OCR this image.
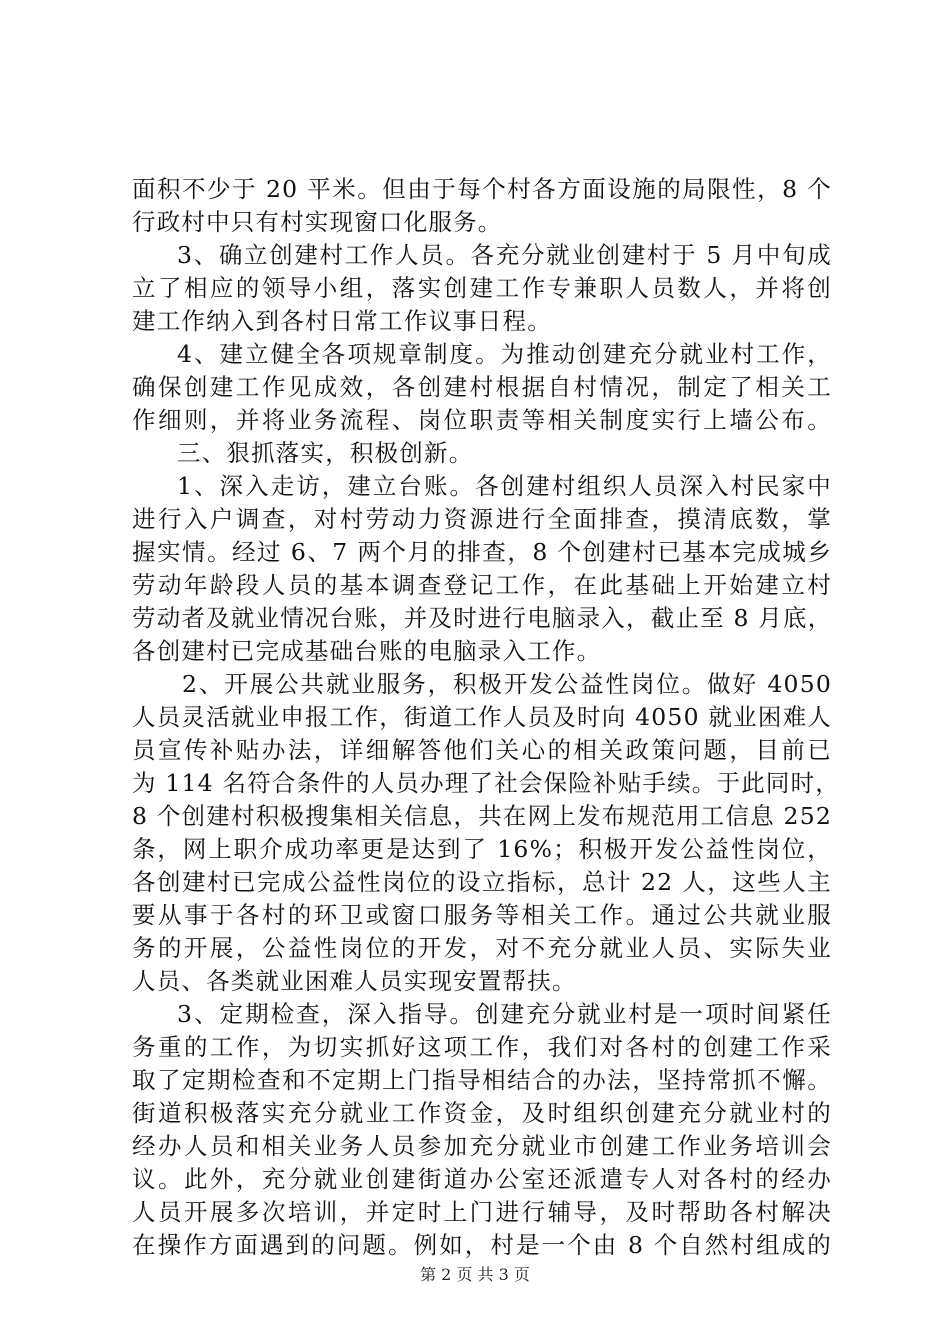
面积不少于 20 平米。但由于每个村各方面设施的局限性，8 个
行政村中只有村实现窗口化服务。
3、确立创建村工作人员。各充分就业创建村于 5 月中旬成
立了相应的领导小组，落实创建工作专兼职人员数人，并将创
建工作纳入到各村日常工作议事日程。
4、建立健全各项规章制度。为推动创建充分就业村工作，
确保创建工作见成效，各创建村根据自村情况，制定了相关工
作细则，并将业务流程、岗位职责等相关制度实行上墙公布。
三、狠抓落实，积极创新。
1、深入走访，建立台账。各创建村组织人员深入村民家中
进行入户调查，对村劳动力资源进行全面排查，摸清底数，掌
握实情。经过 6、7 两个月的排查，8 个创建村已基本完成城乡
劳动年龄段人员的基本调查登记工作，在此基础上开始建立村
劳动者及就业情况台账，并及时进行电脑录入，截止至 8 月底，
各创建村已完成基础台账的电脑录入工作。
2、开展公共就业服务，积极开发公益性岗位。做好 4050
人员灵活就业申报工作，街道工作人员及时向 4050 就业困难人
员宣传补贴办法，详细解答他们关心的相关政策问题，目前已
为 114 名符合条件的人员办理了社会保险补贴手续。于此同时，
8 个创建村积极搜集相关信息，共在网上发布规范用工信息 252
条，网上职介成功率更是达到了 16%；积极开发公益性岗位，
各创建村已完成公益性岗位的设立指标，总计 22 人，这些人主
要从事于各村的环卫或窗口服务等相关工作。通过公共就业服
务的开展，公益性岗位的开发，对不充分就业人员、实际失业
人员、各类就业困难人员实现安置帮扶。
3、定期检查，深入指导。创建充分就业村是一项时间紧任
务重的工作，为切实抓好这项工作，我们对各村的创建工作采
取了定期检查和不定期上门指导相结合的办法，坚持常抓不懈。
街道积极落实充分就业工作资金，及时组织创建充分就业村的
经办人员和相关业务人员参加充分就业市创建工作业务培训会
议。此外，充分就业创建街道办公室还派遣专人对各村的经办
人员开展多次培训，并定时上门进行辅导，及时帮助各村解决
在操作方面遇到的问题。例如，村是一个由 8 个自然村组成的
第 2 页 共 3 页
